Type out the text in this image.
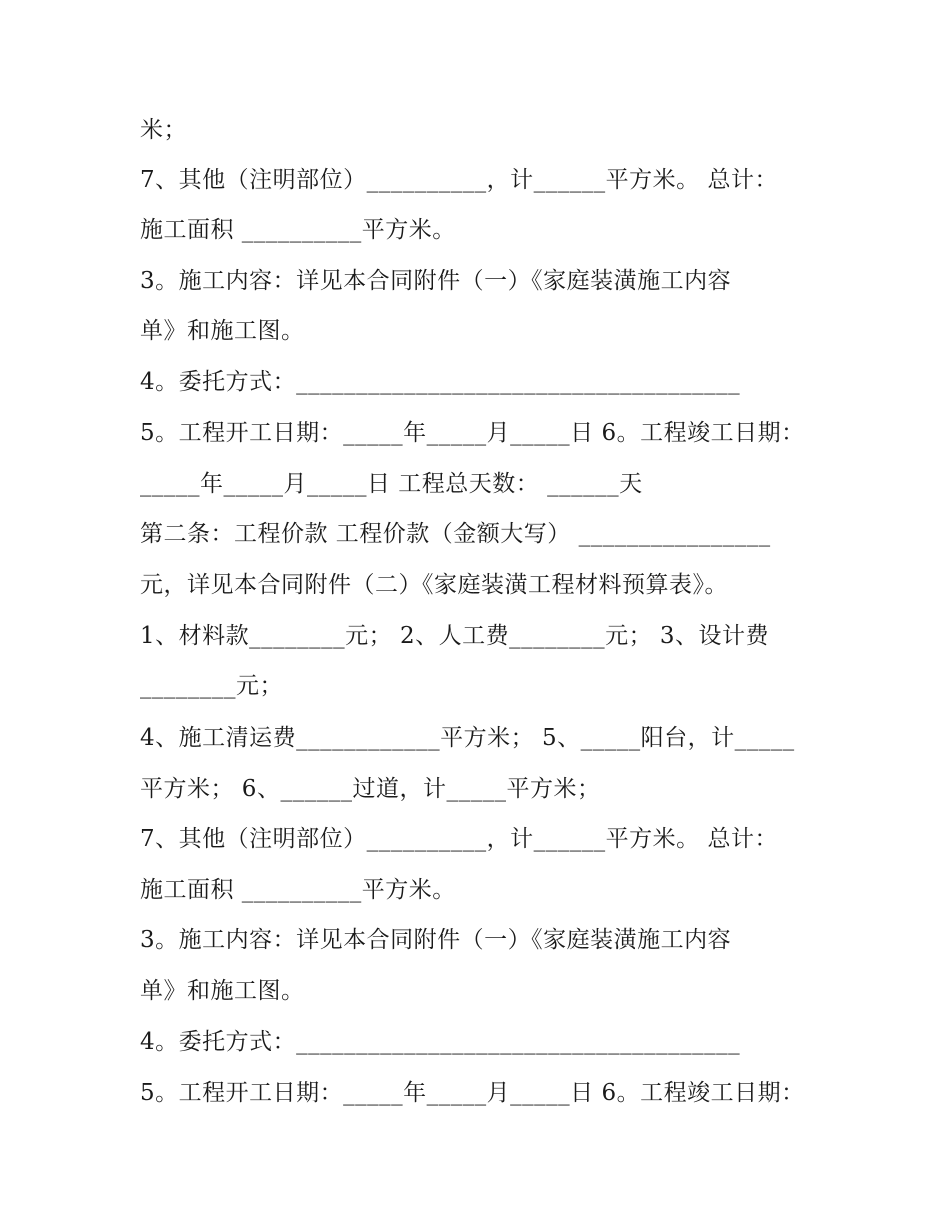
米；
7、其他（注明部位）__________，计______平方米。 总计：
施工面积 __________平方米。
3。施工内容：详见本合同附件（一）《家庭装潢施工内容
单》和施工图。
4。委托方式：_____________________________________
5。工程开工日期：_____年_____月_____日 6。工程竣工日期：
_____年_____月_____日 工程总天数： ______天
第二条：工程价款 工程价款（金额大写） ________________
元，详见本合同附件（二）《家庭装潢工程材料预算表》。
1、材料款________元； 2、人工费________元； 3、设计费
________元；
4、施工清运费____________平方米； 5、_____阳台，计_____
平方米； 6、______过道，计_____平方米；
7、其他（注明部位）__________，计______平方米。 总计：
施工面积 __________平方米。
3。施工内容：详见本合同附件（一）《家庭装潢施工内容
单》和施工图。
4。委托方式：_____________________________________
5。工程开工日期：_____年_____月_____日 6。工程竣工日期：
